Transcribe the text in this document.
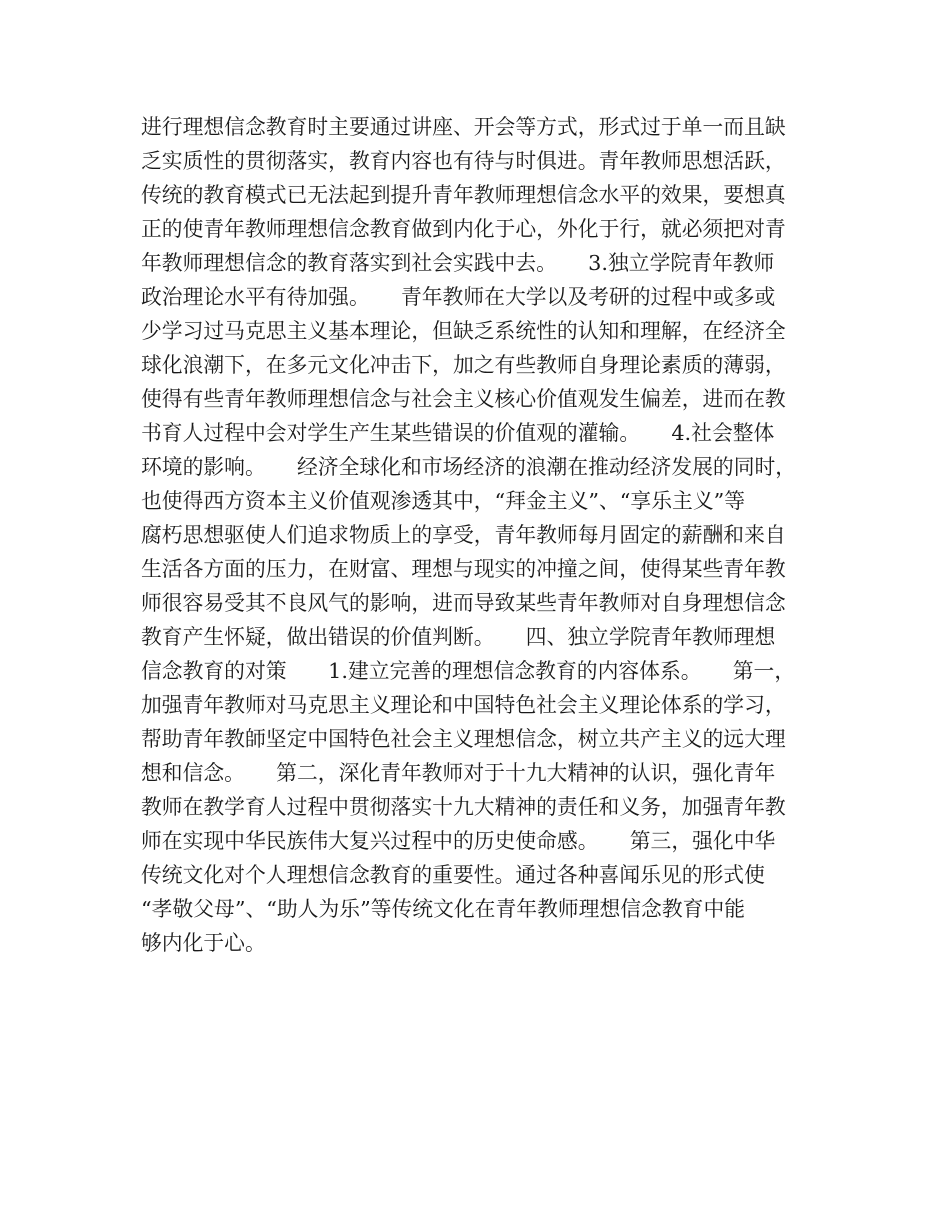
进行理想信念教育时主要通过讲座、开会等方式，形式过于单一而且缺
乏实质性的贯彻落实，教育内容也有待与时俱进。青年教师思想活跃，
传统的教育模式已无法起到提升青年教师理想信念水平的效果，要想真
正的使青年教师理想信念教育做到内化于心，外化于行，就必须把对青
年教师理想信念的教育落实到社会实践中去。　　3.独立学院青年教师
政治理论水平有待加强。　　青年教师在大学以及考研的过程中或多或
少学习过马克思主义基本理论，但缺乏系统性的认知和理解，在经济全
球化浪潮下，在多元文化冲击下，加之有些教师自身理论素质的薄弱，
使得有些青年教师理想信念与社会主义核心价值观发生偏差，进而在教
书育人过程中会对学生产生某些错误的价值观的灌输。　　4.社会整体
环境的影响。　　经济全球化和市场经济的浪潮在推动经济发展的同时，
也使得西方资本主义价值观渗透其中，“拜金主义”、“享乐主义”等
腐朽思想驱使人们追求物质上的享受，青年教师每月固定的薪酬和来自
生活各方面的压力，在财富、理想与现实的冲撞之间，使得某些青年教
师很容易受其不良风气的影响，进而导致某些青年教师对自身理想信念
教育产生怀疑，做出错误的价值判断。　　四、独立学院青年教师理想
信念教育的对策　　1.建立完善的理想信念教育的内容体系。　　第一，
加强青年教师对马克思主义理论和中国特色社会主义理论体系的学习，
帮助青年教師坚定中国特色社会主义理想信念，树立共产主义的远大理
想和信念。　　第二，深化青年教师对于十九大精神的认识，强化青年
教师在教学育人过程中贯彻落实十九大精神的责任和义务，加强青年教
师在实现中华民族伟大复兴过程中的历史使命感。　　第三，强化中华
传统文化对个人理想信念教育的重要性。通过各种喜闻乐见的形式使
“孝敬父母”、“助人为乐”等传统文化在青年教师理想信念教育中能
够内化于心。
